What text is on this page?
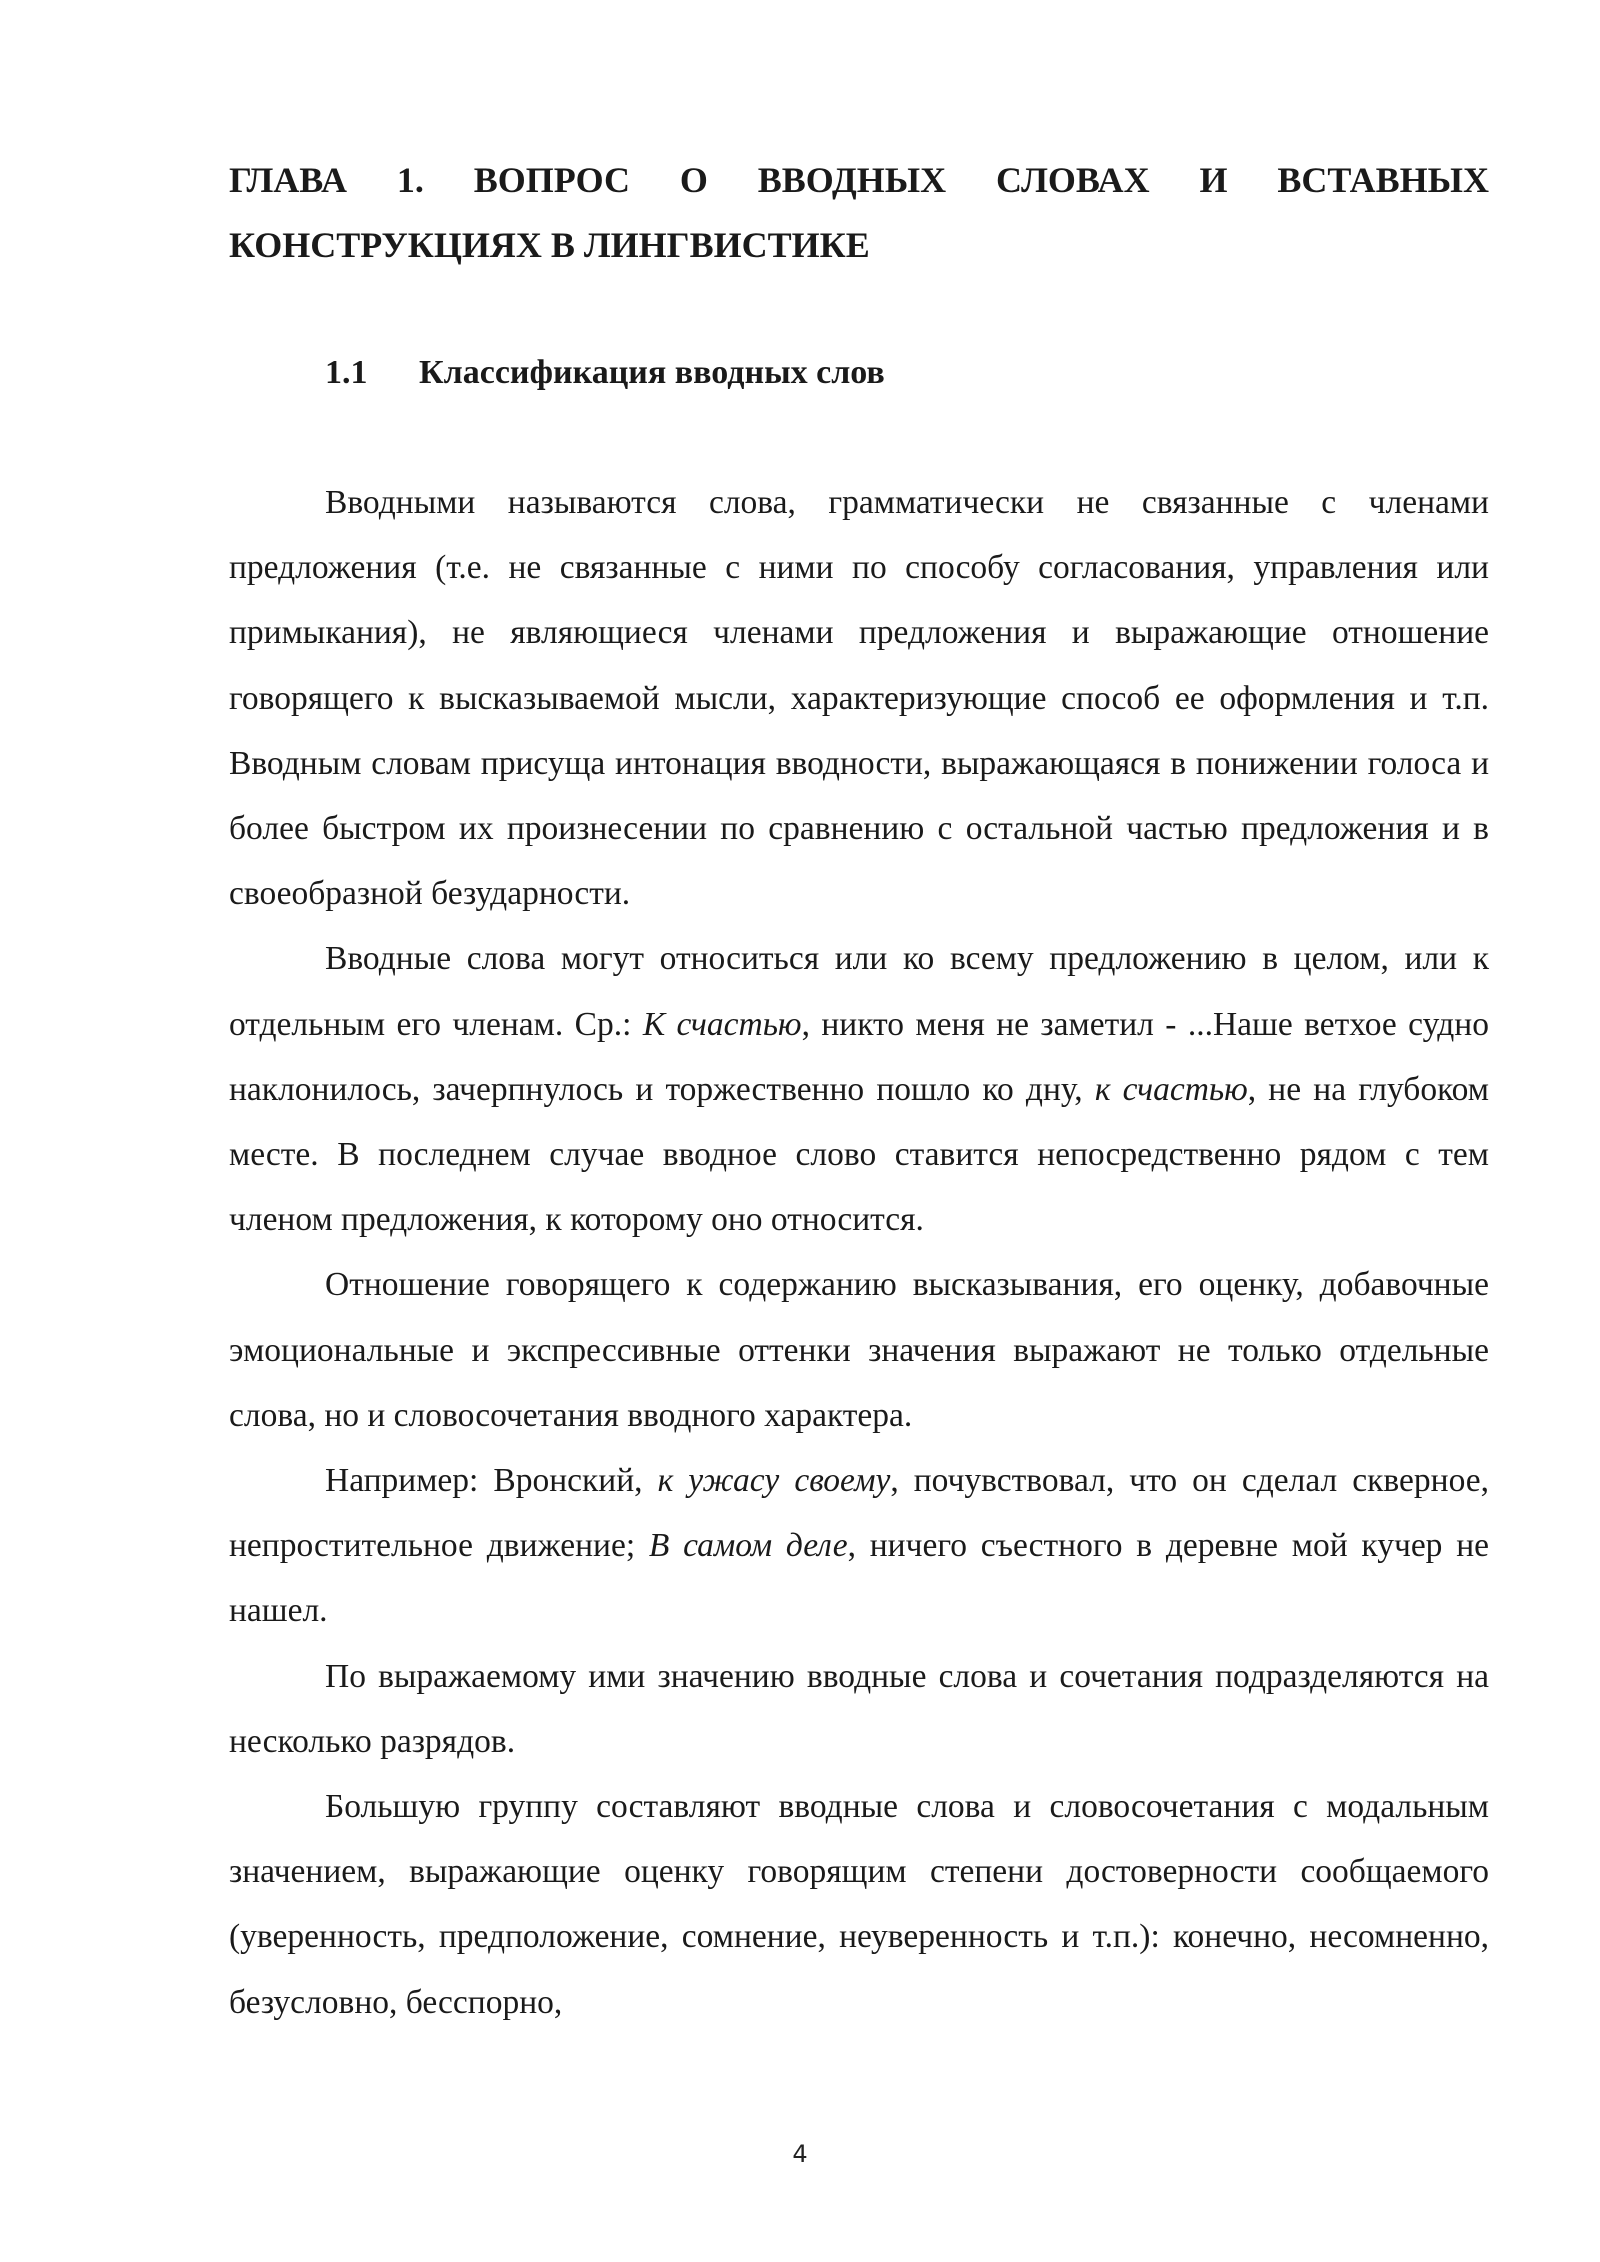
ГЛАВА 1. ВОПРОС О ВВОДНЫХ СЛОВАХ И ВСТАВНЫХ КОНСТРУКЦИЯХ В ЛИНГВИСТИКЕ
1.1 Классификация вводных слов

Вводными называются слова, грамматически не связанные с членами предложения (т.е. не связанные с ними по способу согласования, управления или примыкания), не являющиеся членами предложения и выражающие отношение говорящего к высказываемой мысли, характеризующие способ ее оформления и т.п. Вводным словам присуща интонация вводности, выражающаяся в понижении голоса и более быстром их произнесении по сравнению с остальной частью предложения и в своеобразной безударности.

Вводные слова могут относиться или ко всему предложению в целом, или к отдельным его членам. Ср.: К счастью, никто меня не заметил - ...Наше ветхое судно наклонилось, зачерпнулось и торжественно пошло ко дну, к счастью, не на глубоком месте. В последнем случае вводное слово ставится непосредственно рядом с тем членом предложения, к которому оно относится.

Отношение говорящего к содержанию высказывания, его оценку, добавочные эмоциональные и экспрессивные оттенки значения выражают не только отдельные слова, но и словосочетания вводного характера.

Например: Вронский, к ужасу своему, почувствовал, что он сделал скверное, непростительное движение; В самом деле, ничего съестного в деревне мой кучер не нашел.

По выражаемому ими значению вводные слова и сочетания подразделяются на несколько разрядов.

Большую группу составляют вводные слова и словосочетания с модальным значением, выражающие оценку говорящим степени достоверности сообщаемого (уверенность, предположение, сомнение, неуверенность и т.п.): конечно, несомненно, безусловно, бесспорно,

4
